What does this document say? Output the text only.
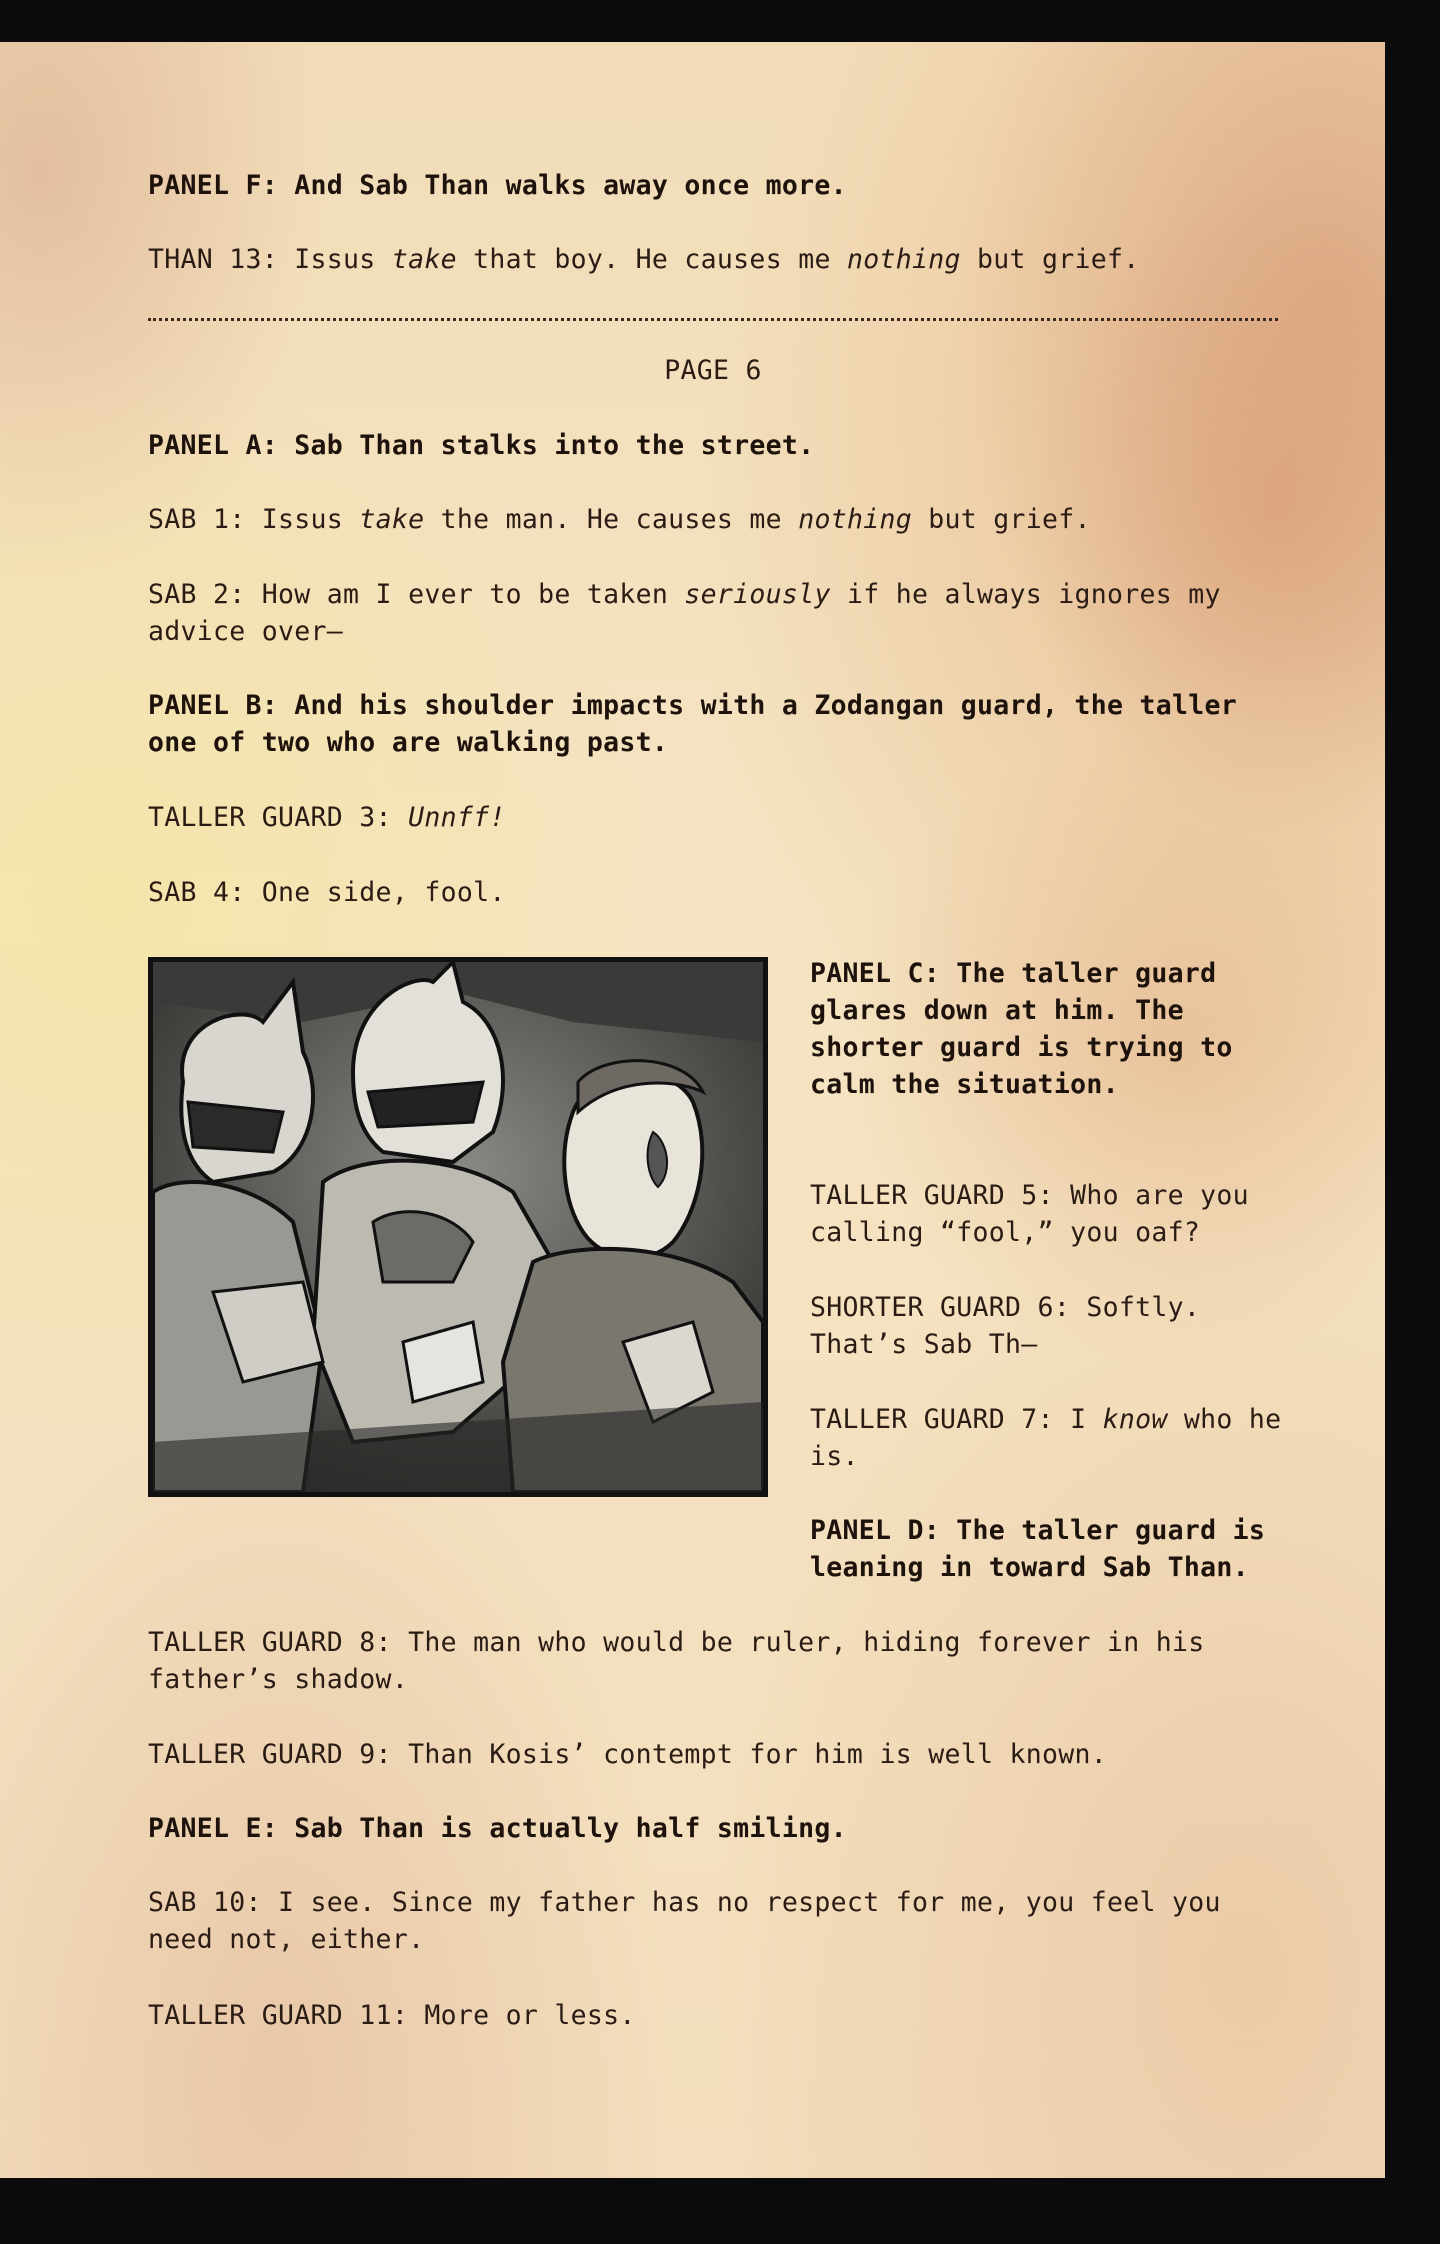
PANEL F: And Sab Than walks away once more.

THAN 13: Issus take that boy. He causes me nothing but grief.

PAGE 6

PANEL A: Sab Than stalks into the street.

SAB 1: Issus take the man. He causes me nothing but grief.

SAB 2: How am I ever to be taken seriously if he always ignores my advice over–

PANEL B: And his shoulder impacts with a Zodangan guard, the taller one of two who are walking past.

TALLER GUARD 3: Unnff!

SAB 4: One side, fool.

PANEL C: The taller guard glares down at him. The shorter guard is trying to calm the situation.

TALLER GUARD 5: Who are you calling “fool,” you oaf?

SHORTER GUARD 6: Softly. That’s Sab Th–

TALLER GUARD 7: I know who he is.

PANEL D: The taller guard is leaning in toward Sab Than.

TALLER GUARD 8: The man who would be ruler, hiding forever in his father’s shadow.

TALLER GUARD 9: Than Kosis’ contempt for him is well known.

PANEL E: Sab Than is actually half smiling.

SAB 10: I see. Since my father has no respect for me, you feel you need not, either.

TALLER GUARD 11: More or less.
